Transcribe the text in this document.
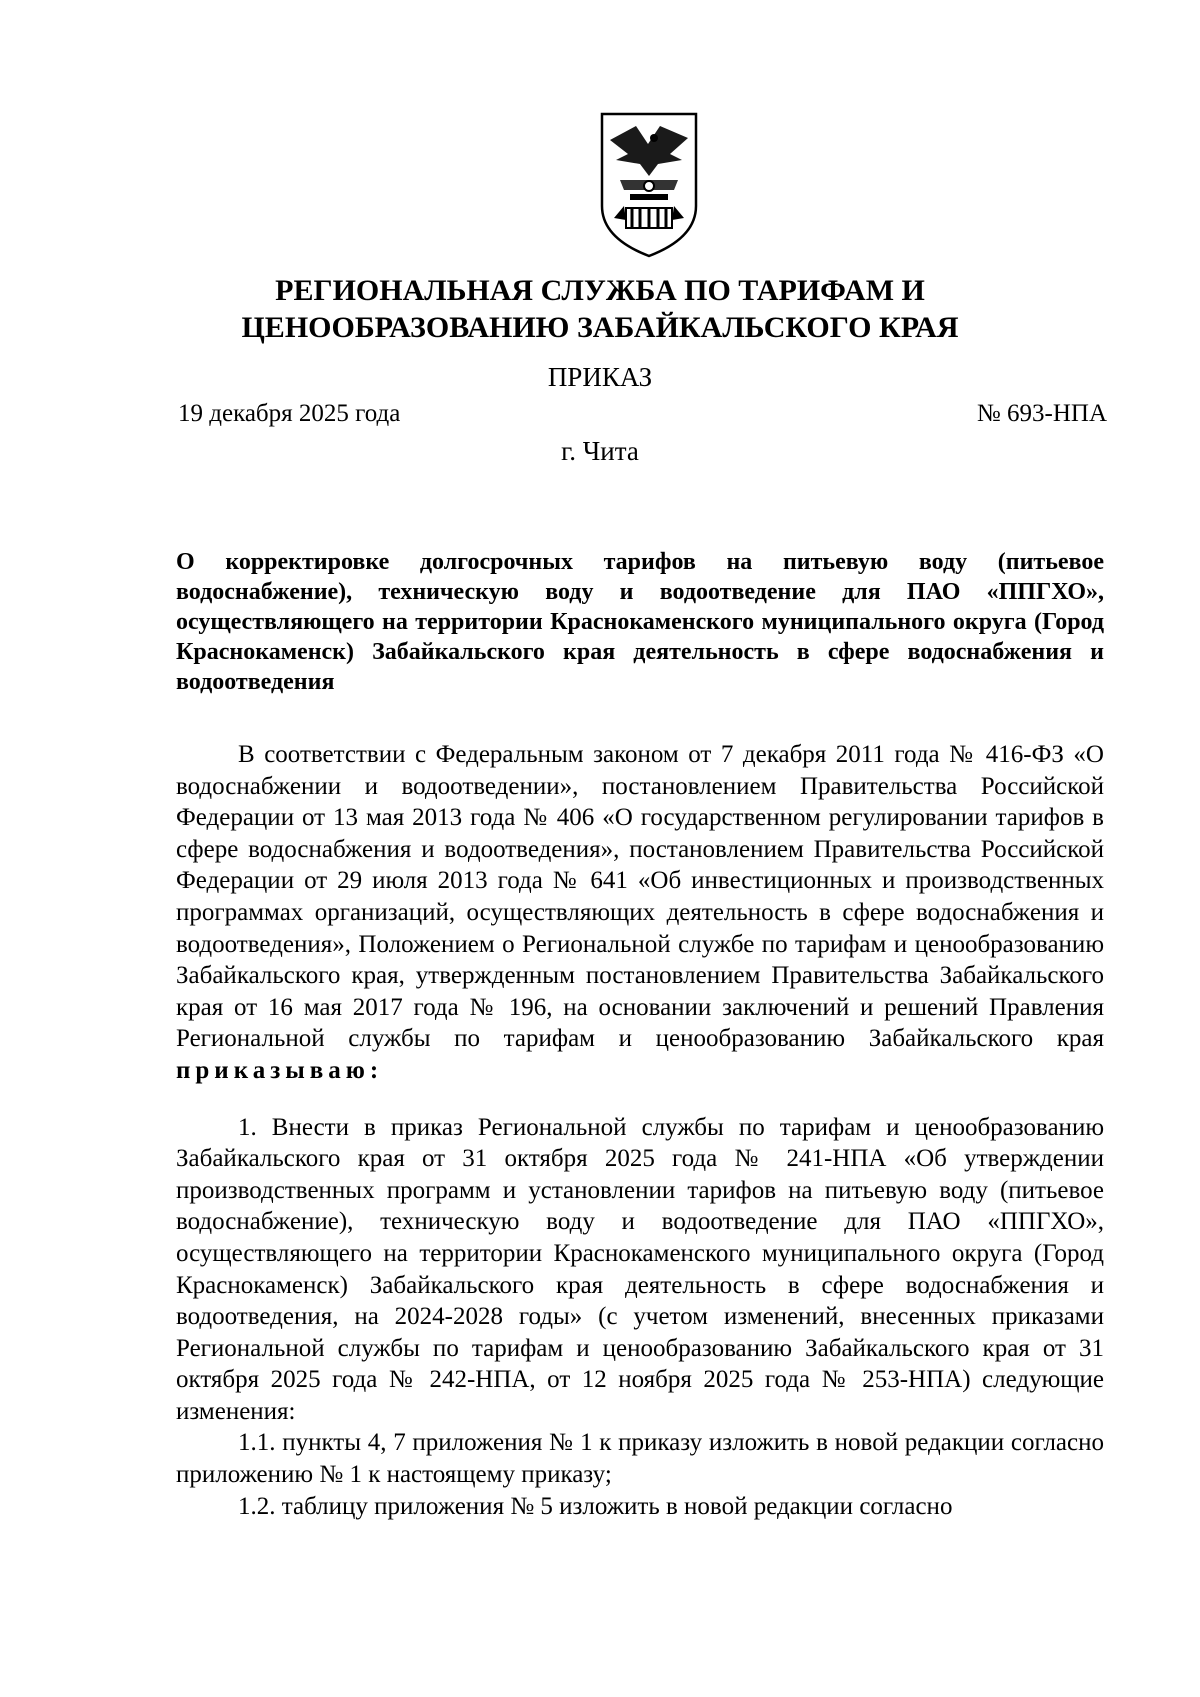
РЕГИОНАЛЬНАЯ СЛУЖБА ПО ТАРИФАМ И ЦЕНООБРАЗОВАНИЮ ЗАБАЙКАЛЬСКОГО КРАЯ
ПРИКАЗ
19 декабря 2025 года	№ 693-НПА
г. Чита
О корректировке долгосрочных тарифов на питьевую воду (питьевое водоснабжение), техническую воду и водоотведение для ПАО «ППГХО», осуществляющего на территории Краснокаменского муниципального округа (Город Краснокаменск) Забайкальского края деятельность в сфере водоснабжения и водоотведения

В соответствии с Федеральным законом от 7 декабря 2011 года № 416-ФЗ «О водоснабжении и водоотведении», постановлением Правительства Российской Федерации от 13 мая 2013 года № 406 «О государственном регулировании тарифов в сфере водоснабжения и водоотведения», постановлением Правительства Российской Федерации от 29 июля 2013 года № 641 «Об инвестиционных и производственных программах организаций, осуществляющих деятельность в сфере водоснабжения и водоотведения», Положением о Региональной службе по тарифам и ценообразованию Забайкальского края, утвержденным постановлением Правительства Забайкальского края от 16 мая 2017 года № 196, на основании заключений и решений Правления Региональной службы по тарифам и ценообразованию Забайкальского края приказываю:

1. Внести в приказ Региональной службы по тарифам и ценообразованию Забайкальского края от 31 октября 2025 года № 241-НПА «Об утверждении производственных программ и установлении тарифов на питьевую воду (питьевое водоснабжение), техническую воду и водоотведение для ПАО «ППГХО», осуществляющего на территории Краснокаменского муниципального округа (Город Краснокаменск) Забайкальского края деятельность в сфере водоснабжения и водоотведения, на 2024-2028 годы» (с учетом изменений, внесенных приказами Региональной службы по тарифам и ценообразованию Забайкальского края от 31 октября 2025 года № 242-НПА, от 12 ноября 2025 года № 253-НПА) следующие изменения:

1.1. пункты 4, 7 приложения № 1 к приказу изложить в новой редакции согласно приложению № 1 к настоящему приказу;

1.2. таблицу приложения № 5 изложить в новой редакции согласно
